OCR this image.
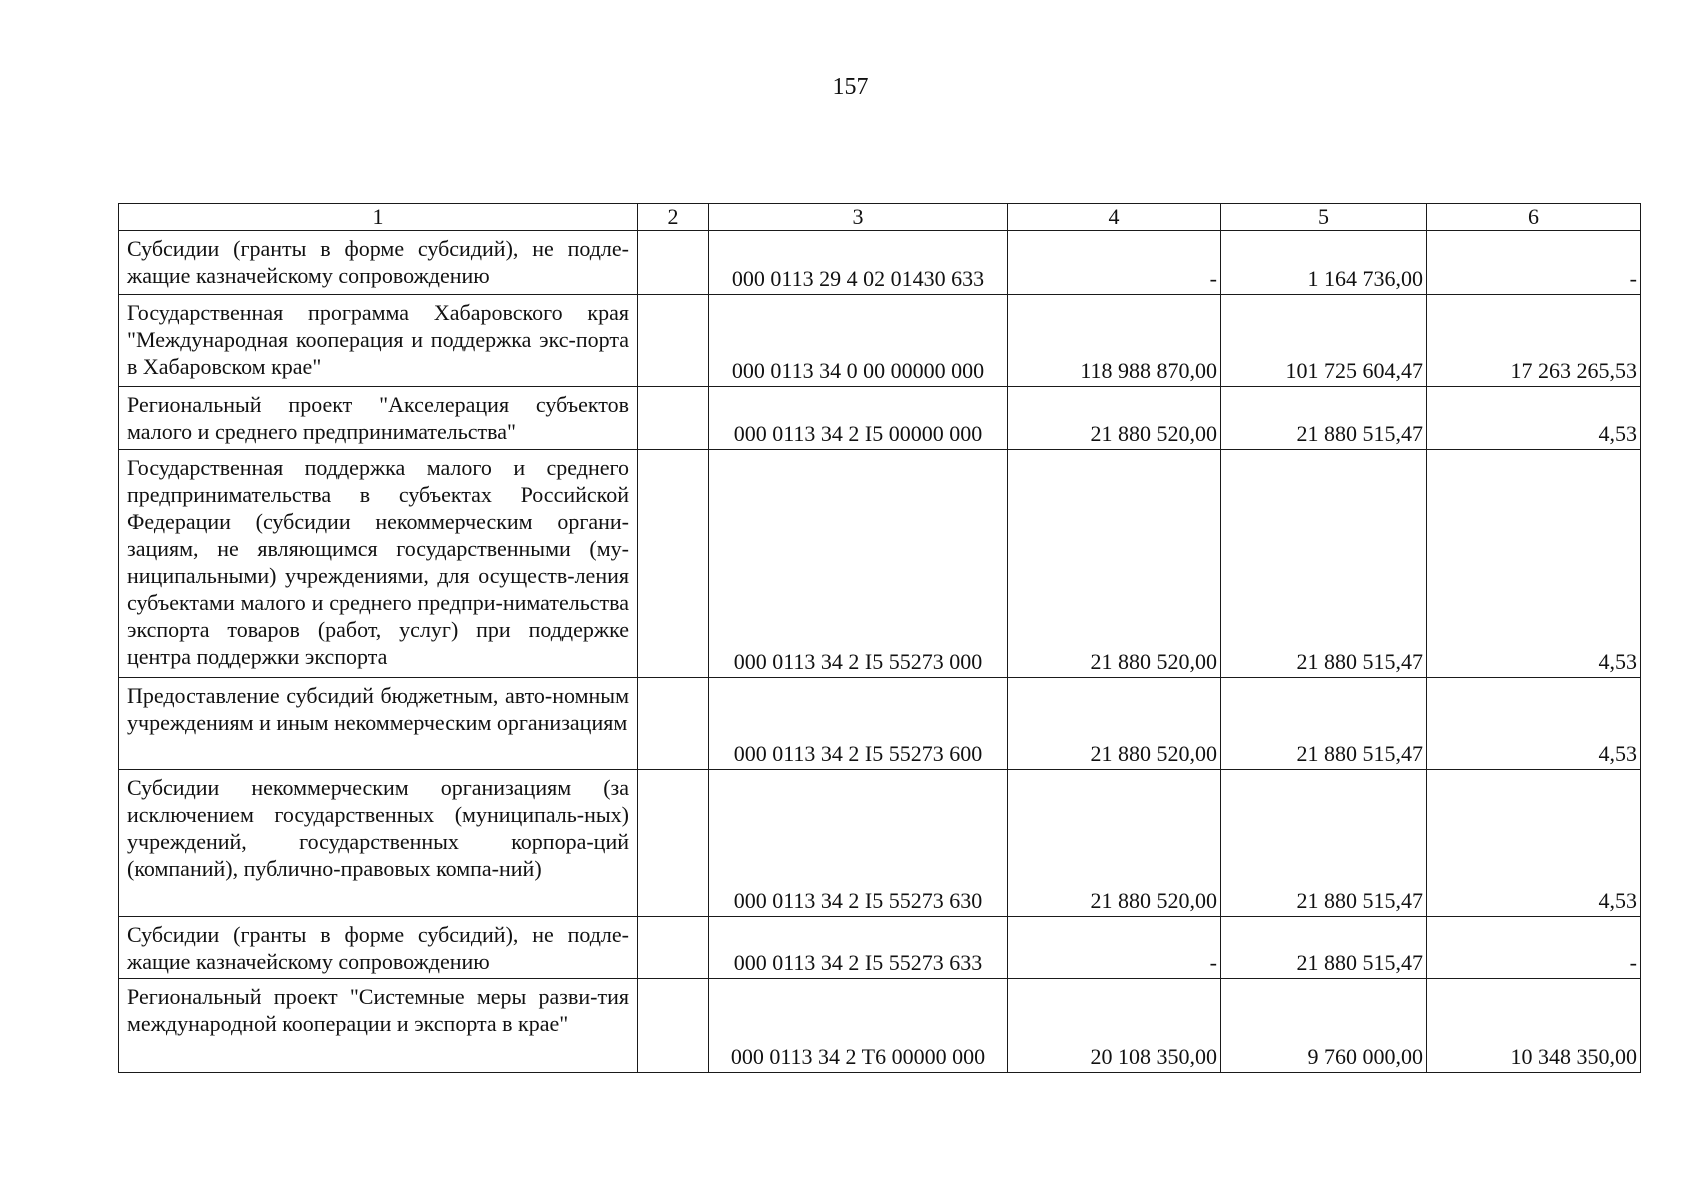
157
1	2	3	4	5	6
Субсидии (гранты в форме субсидий), не подле-жащие казначейскому сопровождению		000 0113 29 4 02 01430 633	-	1 164 736,00	-
Государственная программа Хабаровского края "Международная кооперация и поддержка экс-порта в Хабаровском крае"		000 0113 34 0 00 00000 000	118 988 870,00	101 725 604,47	17 263 265,53
Региональный проект "Акселерация субъектов малого и среднего предпринимательства"		000 0113 34 2 I5 00000 000	21 880 520,00	21 880 515,47	4,53
Государственная поддержка малого и среднего предпринимательства в субъектах Российской Федерации (субсидии некоммерческим органи-зациям, не являющимся государственными (му-ниципальными) учреждениями, для осуществ-ления субъектами малого и среднего предпри-нимательства экспорта товаров (работ, услуг) при поддержке центра поддержки экспорта		000 0113 34 2 I5 55273 000	21 880 520,00	21 880 515,47	4,53
Предоставление субсидий бюджетным, авто-номным учреждениям и иным некоммерческим организациям		000 0113 34 2 I5 55273 600	21 880 520,00	21 880 515,47	4,53
Субсидии некоммерческим организациям (за исключением государственных (муниципаль-ных) учреждений, государственных корпора-ций (компаний), публично-правовых компа-ний)		000 0113 34 2 I5 55273 630	21 880 520,00	21 880 515,47	4,53
Субсидии (гранты в форме субсидий), не подле-жащие казначейскому сопровождению		000 0113 34 2 I5 55273 633	-	21 880 515,47	-
Региональный проект "Системные меры разви-тия международной кооперации и экспорта в крае"		000 0113 34 2 T6 00000 000	20 108 350,00	9 760 000,00	10 348 350,00
